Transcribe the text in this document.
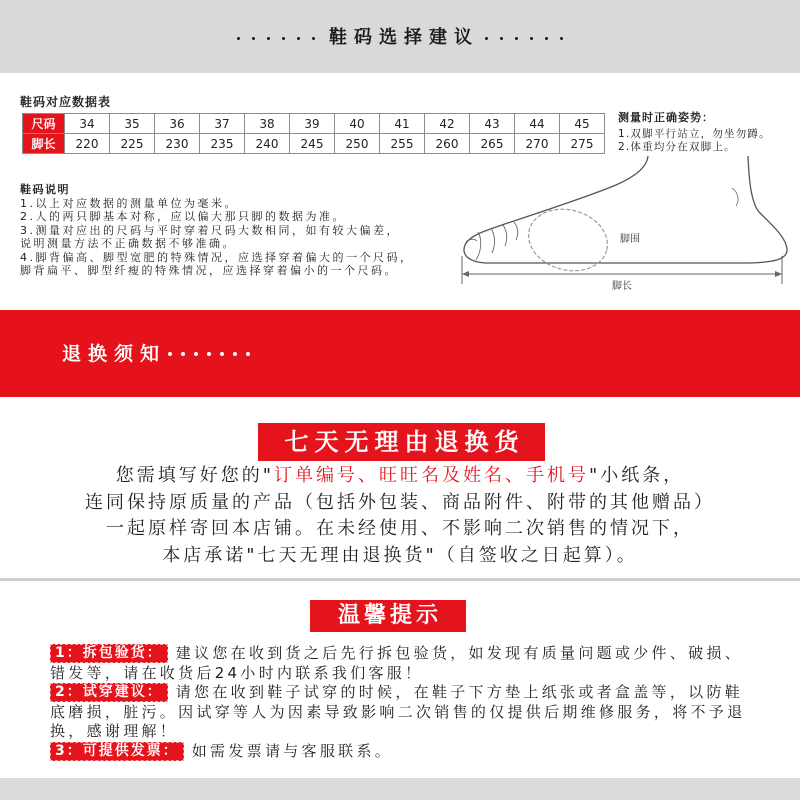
鞋码选择建议
鞋码对应数据表
尺码	34	35	36	37	38	39	40	41	42	43	44	45
脚长	220	225	230	235	240	245	250	255	260	265	270	275
测量时正确姿势：
1.双脚平行站立，勿坐勿蹲。
2.体重均分在双脚上。
鞋码说明
1.以上对应数据的测量单位为毫米。
2.人的两只脚基本对称，应以偏大那只脚的数据为准。
3.测量对应出的尺码与平时穿着尺码大数相同，如有较大偏差，
说明测量方法不正确数据不够准确。
4.脚背偏高、脚型宽肥的特殊情况，应选择穿着偏大的一个尺码，
脚背扁平、脚型纤瘦的特殊情况，应选择穿着偏小的一个尺码。
脚围
脚长
退换须知
七天无理由退换货
您需填写好您的"订单编号、旺旺名及姓名、手机号"小纸条，
连同保持原质量的产品（包括外包装、商品附件、附带的其他赠品）
一起原样寄回本店铺。在未经使用、不影响二次销售的情况下，
本店承诺"七天无理由退换货"（自签收之日起算）。
温馨提示
1：拆包验货： 建议您在收到货之后先行拆包验货，如发现有质量问题或少件、破损、
错发等，请在收货后24小时内联系我们客服！
2：试穿建议： 请您在收到鞋子试穿的时候，在鞋子下方垫上纸张或者盒盖等，以防鞋
底磨损，脏污。因试穿等人为因素导致影响二次销售的仅提供后期维修服务，将不予退
换，感谢理解！
3：可提供发票： 如需发票请与客服联系。
